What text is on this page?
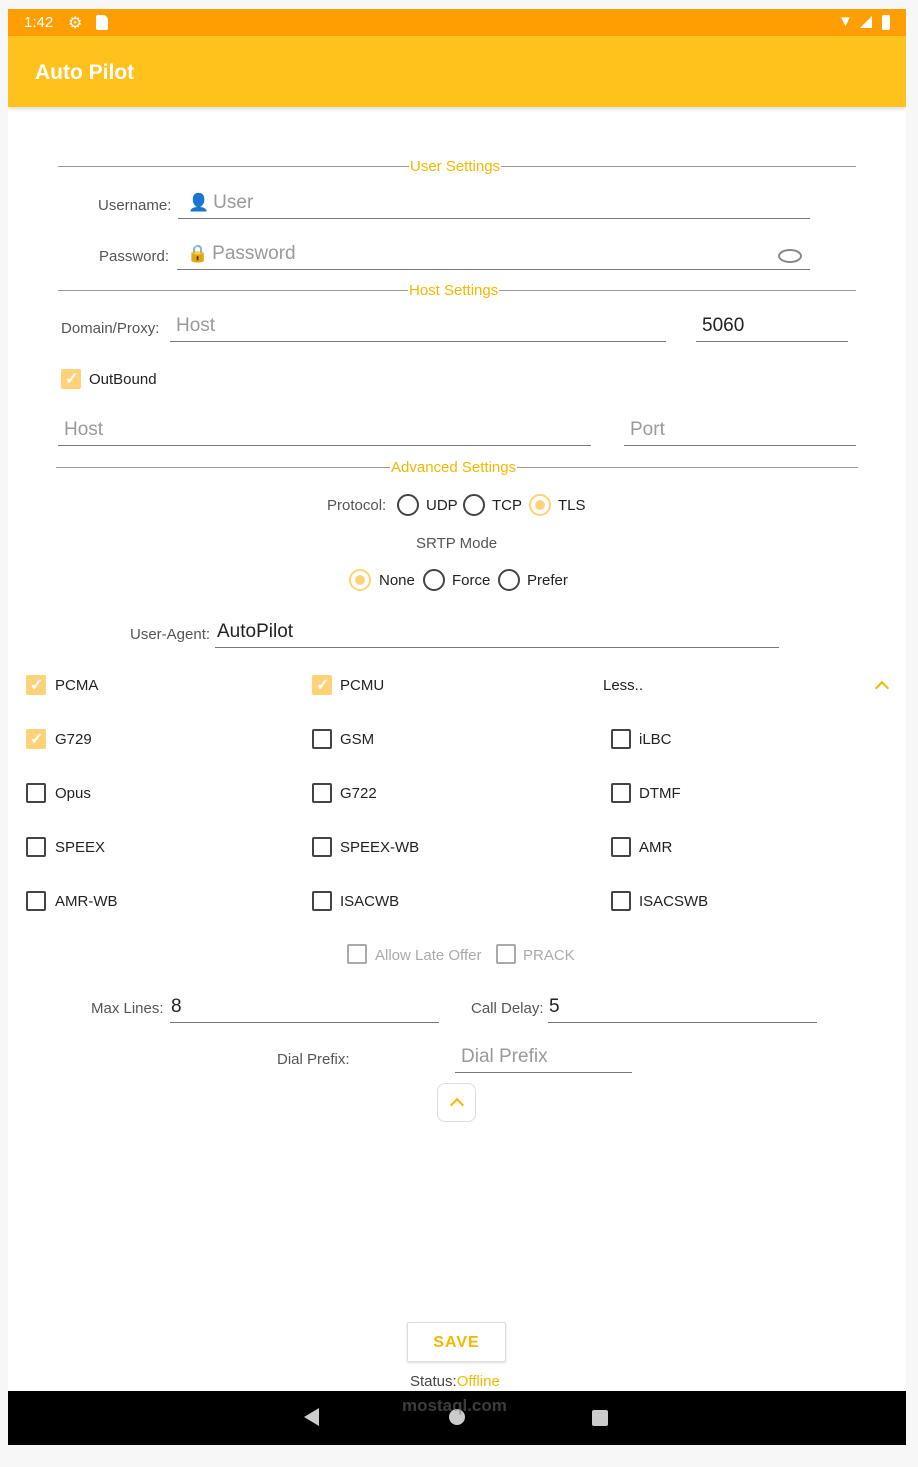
1:42 ⚙	▼
Auto Pilot
User Settings
Username: 👤 User
Password: 🔒 Password
Host Settings
Domain/Proxy: Host	5060
✓
OutBound
Host	Port
Advanced Settings
Protocol:	UDP TCP TLS
SRTP Mode
None Force Prefer
User-Agent: AutoPilot
✓
PCMA
✓	PCMU	Less..
✓
G729	GSM	iLBC
Opus	G722	DTMF
SPEEX	SPEEX-WB	AMR
AMR-WB	ISACWB	ISACSWB
Allow Late Offer	PRACK
Max Lines: 8	Call Delay: 5
Dial Prefix:	Dial Prefix
SAVE
Status:Offline
mostaql.com
